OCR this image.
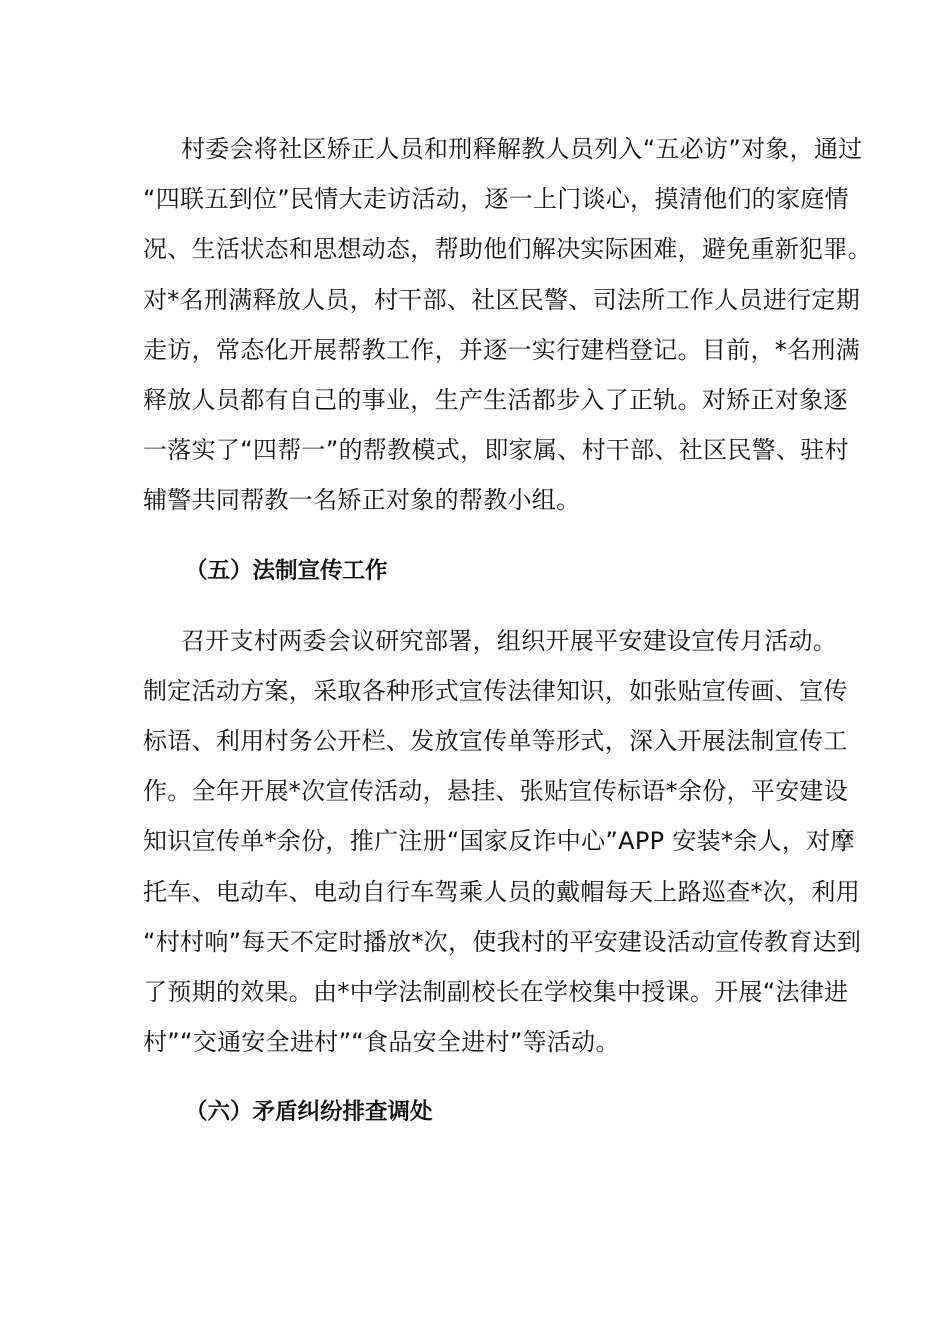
村委会将社区矫正人员和刑释解教人员列入“五必访”对象，通过
“四联五到位”民情大走访活动，逐一上门谈心，摸清他们的家庭情
况、生活状态和思想动态，帮助他们解决实际困难，避免重新犯罪。
对*名刑满释放人员，村干部、社区民警、司法所工作人员进行定期
走访，常态化开展帮教工作，并逐一实行建档登记。目前，*名刑满
释放人员都有自己的事业，生产生活都步入了正轨。对矫正对象逐
一落实了“四帮一”的帮教模式，即家属、村干部、社区民警、驻村
辅警共同帮教一名矫正对象的帮教小组。

（五）法制宣传工作

召开支村两委会议研究部署，组织开展平安建设宣传月活动。
制定活动方案，采取各种形式宣传法律知识，如张贴宣传画、宣传
标语、利用村务公开栏、发放宣传单等形式，深入开展法制宣传工
作。全年开展*次宣传活动，悬挂、张贴宣传标语*余份，平安建设
知识宣传单*余份，推广注册“国家反诈中心”APP 安装*余人，对摩
托车、电动车、电动自行车驾乘人员的戴帽每天上路巡查*次，利用
“村村响”每天不定时播放*次，使我村的平安建设活动宣传教育达到
了预期的效果。由*中学法制副校长在学校集中授课。开展“法律进
村”“交通安全进村”“食品安全进村”等活动。

（六）矛盾纠纷排查调处
